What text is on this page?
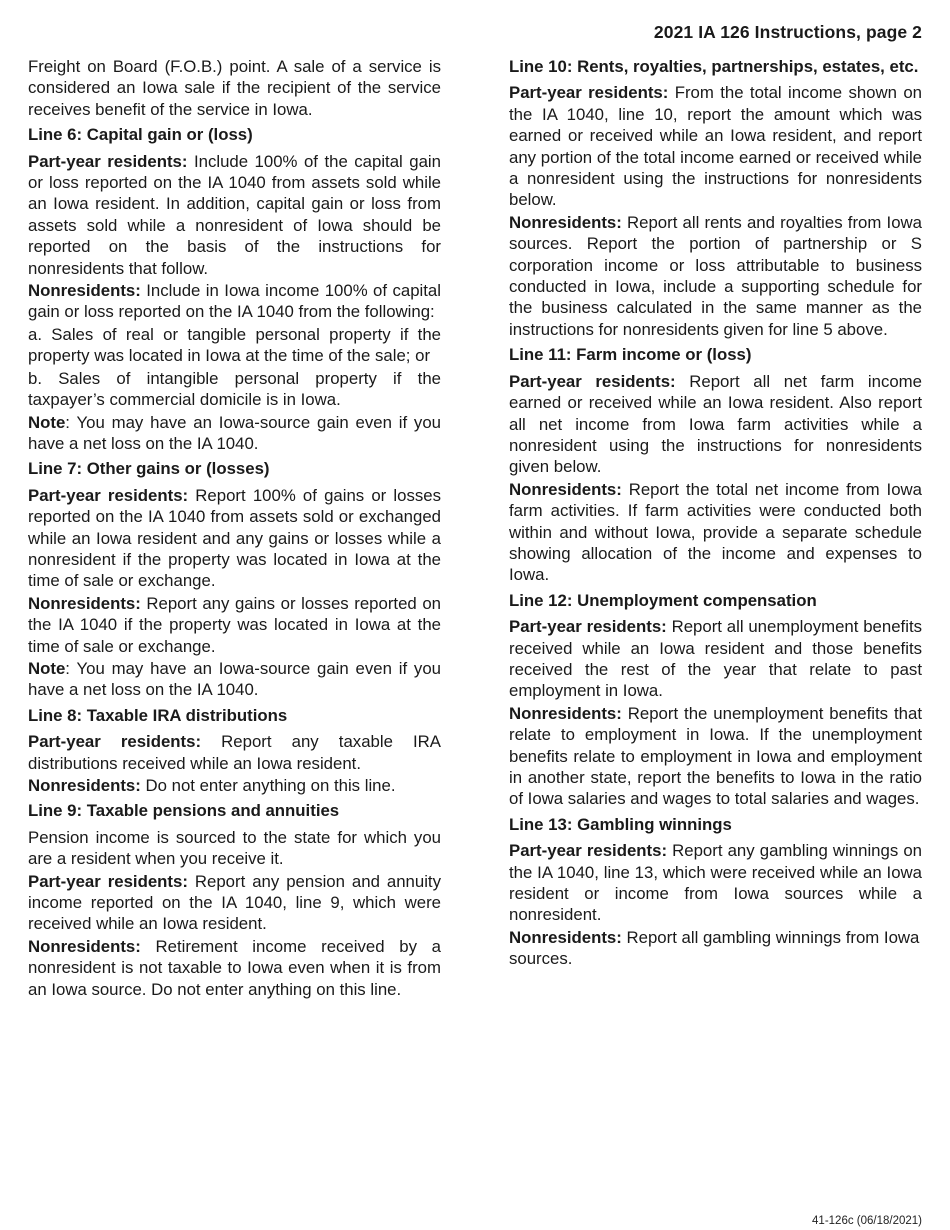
2021 IA 126 Instructions, page 2

Freight on Board (F.O.B.) point. A sale of a service is considered an Iowa sale if the recipient of the service receives benefit of the service in Iowa.

Line 6: Capital gain or (loss)

Part-year residents: Include 100% of the capital gain or loss reported on the IA 1040 from assets sold while an Iowa resident. In addition, capital gain or loss from assets sold while a nonresident of Iowa should be reported on the basis of the instructions for nonresidents that follow.

Nonresidents: Include in Iowa income 100% of capital gain or loss reported on the IA 1040 from the following:

a. Sales of real or tangible personal property if the property was located in Iowa at the time of the sale; or

b. Sales of intangible personal property if the taxpayer’s commercial domicile is in Iowa.

Note: You may have an Iowa-source gain even if you have a net loss on the IA 1040.

Line 7: Other gains or (losses)

Part-year residents: Report 100% of gains or losses reported on the IA 1040 from assets sold or exchanged while an Iowa resident and any gains or losses while a nonresident if the property was located in Iowa at the time of sale or exchange.

Nonresidents: Report any gains or losses reported on the IA 1040 if the property was located in Iowa at the time of sale or exchange.

Note: You may have an Iowa-source gain even if you have a net loss on the IA 1040.

Line 8: Taxable IRA distributions

Part-year residents: Report any taxable IRA distributions received while an Iowa resident.

Nonresidents: Do not enter anything on this line.

Line 9: Taxable pensions and annuities

Pension income is sourced to the state for which you are a resident when you receive it.

Part-year residents: Report any pension and annuity income reported on the IA 1040, line 9, which were received while an Iowa resident.

Nonresidents: Retirement income received by a nonresident is not taxable to Iowa even when it is from an Iowa source. Do not enter anything on this line.

Line 10: Rents, royalties, partnerships, estates, etc.

Part-year residents: From the total income shown on the IA 1040, line 10, report the amount which was earned or received while an Iowa resident, and report any portion of the total income earned or received while a nonresident using the instructions for nonresidents below.

Nonresidents: Report all rents and royalties from Iowa sources. Report the portion of partnership or S corporation income or loss attributable to business conducted in Iowa, include a supporting schedule for the business calculated in the same manner as the instructions for nonresidents given for line 5 above.

Line 11: Farm income or (loss)

Part-year residents: Report all net farm income earned or received while an Iowa resident. Also report all net income from Iowa farm activities while a nonresident using the instructions for nonresidents given below.

Nonresidents: Report the total net income from Iowa farm activities. If farm activities were conducted both within and without Iowa, provide a separate schedule showing allocation of the income and expenses to Iowa.

Line 12: Unemployment compensation

Part-year residents: Report all unemployment benefits received while an Iowa resident and those benefits received the rest of the year that relate to past employment in Iowa.

Nonresidents: Report the unemployment benefits that relate to employment in Iowa. If the unemployment benefits relate to employment in Iowa and employment in another state, report the benefits to Iowa in the ratio of Iowa salaries and wages to total salaries and wages.

Line 13: Gambling winnings

Part-year residents: Report any gambling winnings on the IA 1040, line 13, which were received while an Iowa resident or income from Iowa sources while a nonresident.

Nonresidents: Report all gambling winnings from Iowa sources.

41-126c (06/18/2021)
